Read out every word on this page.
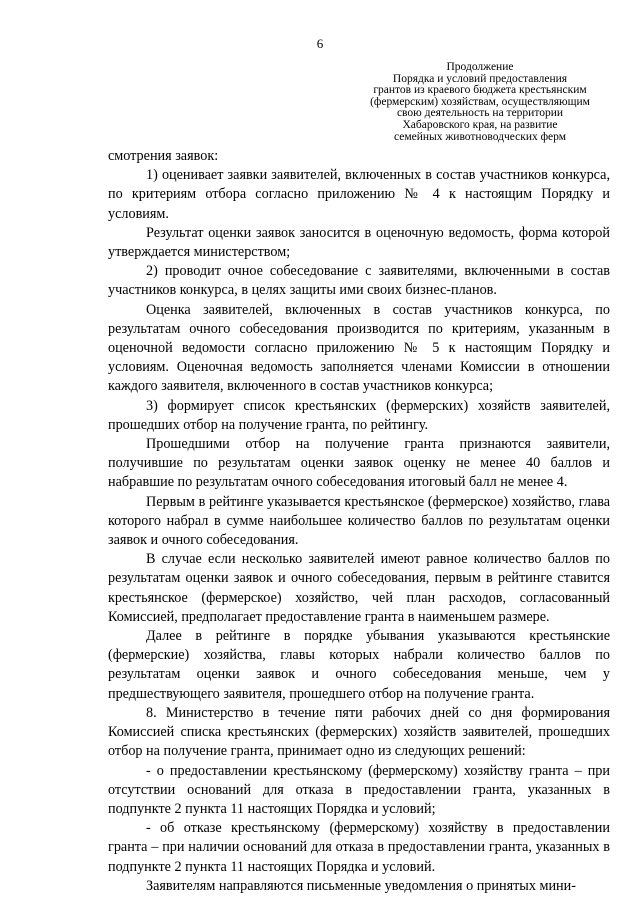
6
Продолжение
Порядка и условий предоставления
грантов из краевого бюджета крестьянским
(фермерским) хозяйствам, осуществляющим
свою деятельность на территории
Хабаровского края, на развитие
семейных животноводческих ферм

смотрения заявок:

1) оценивает заявки заявителей, включенных в состав участников конкурса, по критериям отбора согласно приложению № 4 к настоящим Порядку и условиям.

Результат оценки заявок заносится в оценочную ведомость, форма которой утверждается министерством;

2) проводит очное собеседование с заявителями, включенными в состав участников конкурса, в целях защиты ими своих бизнес-планов.

Оценка заявителей, включенных в состав участников конкурса, по результатам очного собеседования производится по критериям, указанным в оценочной ведомости согласно приложению № 5 к настоящим Порядку и условиям. Оценочная ведомость заполняется членами Комиссии в отношении каждого заявителя, включенного в состав участников конкурса;

3) формирует список крестьянских (фермерских) хозяйств заявителей, прошедших отбор на получение гранта, по рейтингу.

Прошедшими отбор на получение гранта признаются заявители, получившие по результатам оценки заявок оценку не менее 40 баллов и набравшие по результатам очного собеседования итоговый балл не менее 4.

Первым в рейтинге указывается крестьянское (фермерское) хозяйство, глава которого набрал в сумме наибольшее количество баллов по результатам оценки заявок и очного собеседования.

В случае если несколько заявителей имеют равное количество баллов по результатам оценки заявок и очного собеседования, первым в рейтинге ставится крестьянское (фермерское) хозяйство, чей план расходов, согласованный Комиссией, предполагает предоставление гранта в наименьшем размере.

Далее в рейтинге в порядке убывания указываются крестьянские (фермерские) хозяйства, главы которых набрали количество баллов по результатам оценки заявок и очного собеседования меньше, чем у предшествующего заявителя, прошедшего отбор на получение гранта.

8. Министерство в течение пяти рабочих дней со дня формирования Комиссией списка крестьянских (фермерских) хозяйств заявителей, прошедших отбор на получение гранта, принимает одно из следующих решений:

- о предоставлении крестьянскому (фермерскому) хозяйству гранта – при отсутствии оснований для отказа в предоставлении гранта, указанных в подпункте 2 пункта 11 настоящих Порядка и условий;

- об отказе крестьянскому (фермерскому) хозяйству в предоставлении гранта – при наличии оснований для отказа в предоставлении гранта, указанных в подпункте 2 пункта 11 настоящих Порядка и условий.

Заявителям направляются письменные уведомления о принятых мини-
